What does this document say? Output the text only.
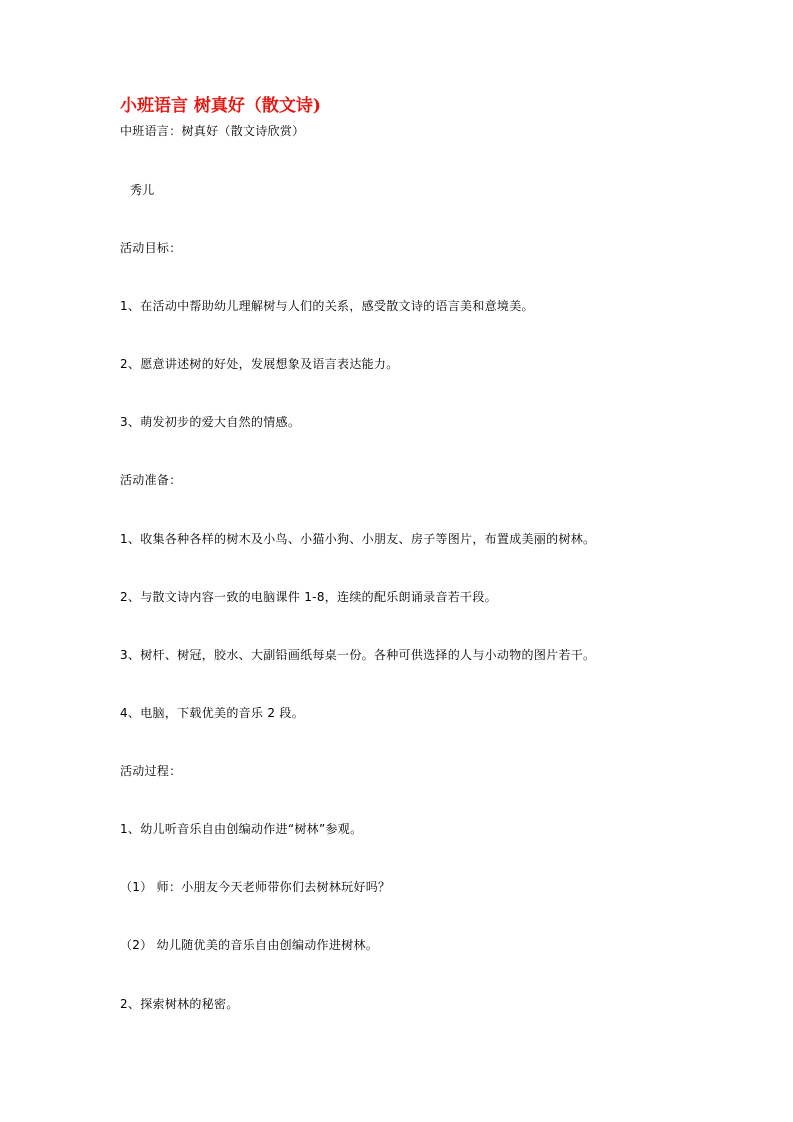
小班语言 树真好（散文诗)
中班语言：树真好（散文诗欣赏）
秀儿
活动目标：
1、在活动中帮助幼儿理解树与人们的关系，感受散文诗的语言美和意境美。
2、愿意讲述树的好处，发展想象及语言表达能力。
3、萌发初步的爱大自然的情感。
活动准备：
1、收集各种各样的树木及小鸟、小猫小狗、小朋友、房子等图片，布置成美丽的树林。
2、与散文诗内容一致的电脑课件 1-8，连续的配乐朗诵录音若干段。
3、树杆、树冠，胶水、大副铅画纸每桌一份。各种可供选择的人与小动物的图片若干。
4、电脑，下载优美的音乐 2 段。
活动过程：
1、幼儿听音乐自由创编动作进“树林”参观。
（1） 师：小朋友今天老师带你们去树林玩好吗？
（2） 幼儿随优美的音乐自由创编动作进树林。
2、探索树林的秘密。
